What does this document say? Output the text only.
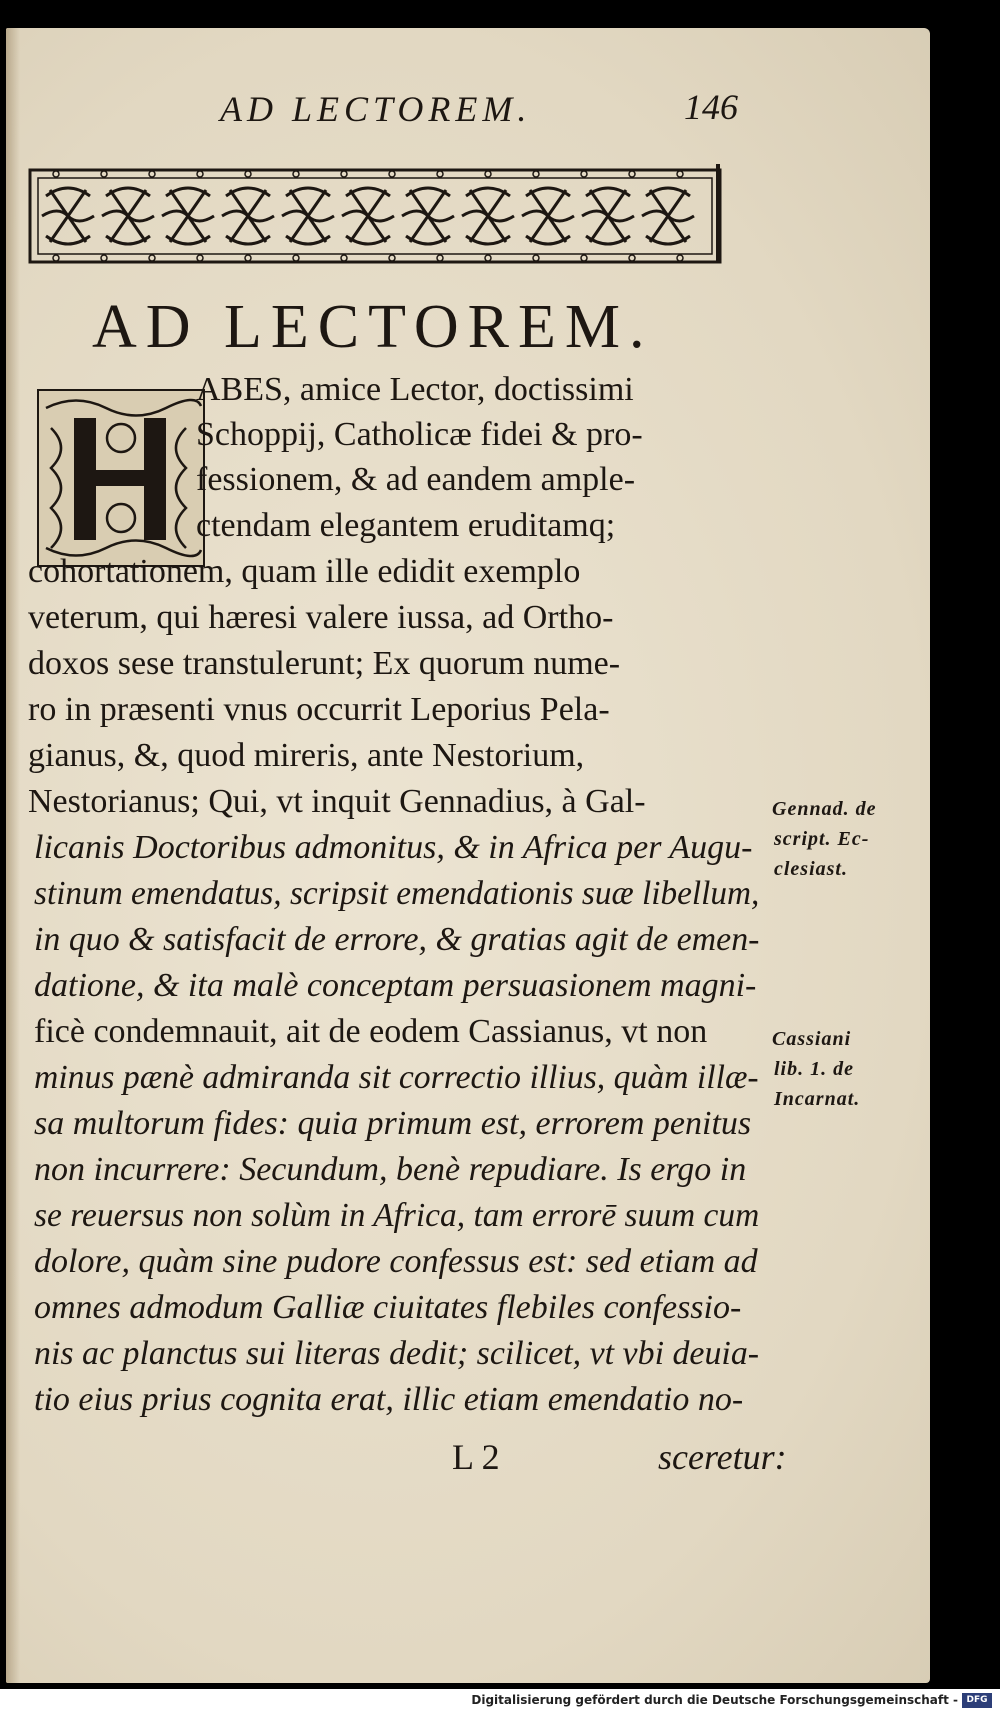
AD LECTOREM.	146
AD LECTOREM.
ABES, amice Lector, doctissimi
Schoppij, Catholicæ fidei & pro-
fessionem, & ad eandem ample-
ctendam elegantem eruditamq;
cohortationem, quam ille edidit exemplo
veterum, qui hæresi valere iussa, ad Ortho-
doxos sese transtulerunt; Ex quorum nume-
ro in præsenti vnus occurrit Leporius Pela-
gianus, &, quod mireris, ante Nestorium,
Nestorianus; Qui, vt inquit Gennadius, à Gal-
licanis Doctoribus admonitus, & in Africa per Augu-
stinum emendatus, scripsit emendationis suæ libellum,
in quo & satisfacit de errore, & gratias agit de emen-
datione, & ita malè conceptam persuasionem magni-
ficè condemnauit, ait de eodem Cassianus, vt non
minus pænè admiranda sit correctio illius, quàm illæ-
sa multorum fides: quia primum est, errorem penitus
non incurrere: Secundum, benè repudiare. Is ergo in
se reuersus non solùm in Africa, tam errorē suum cum
dolore, quàm sine pudore confessus est: sed etiam ad
omnes admodum Galliæ ciuitates flebiles confessio-
nis ac planctus sui literas dedit; scilicet, vt vbi deuia-
tio eius prius cognita erat, illic etiam emendatio no-
Gennad. de
script. Ec-
clesiast.
Cassiani
lib. 1. de
Incarnat.
L 2	sceretur:
Digitalisierung gefördert durch die Deutsche Forschungsgemeinschaft - DFG
